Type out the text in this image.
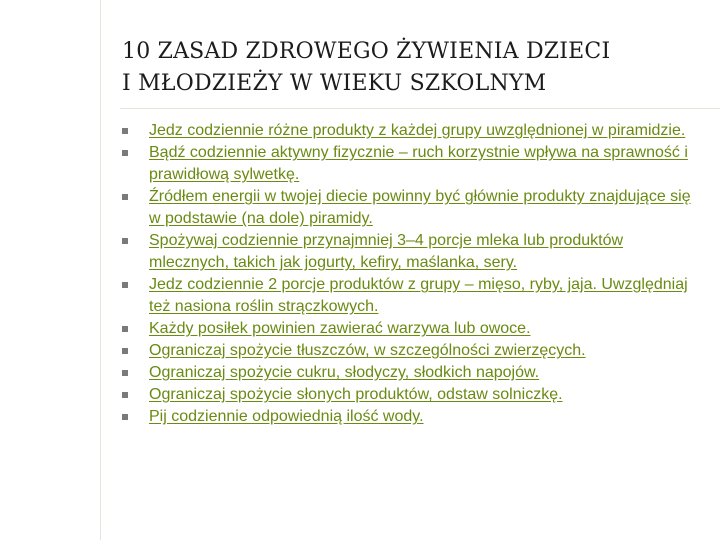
10 ZASAD ZDROWEGO ŻYWIENIA DZIECI
I MŁODZIEŻY W WIEKU SZKOLNYM
Jedz codziennie różne produkty z każdej grupy uwzględnionej w piramidzie.
Bądź codziennie aktywny fizycznie – ruch korzystnie wpływa na sprawność i prawidłową sylwetkę.
Źródłem energii w twojej diecie powinny być głównie produkty znajdujące się w podstawie (na dole) piramidy.
Spożywaj codziennie przynajmniej 3–4 porcje mleka lub produktów mlecznych, takich jak jogurty, kefiry, maślanka, sery.
Jedz codziennie 2 porcje produktów z grupy – mięso, ryby, jaja. Uwzględniaj też nasiona roślin strączkowych.
Każdy posiłek powinien zawierać warzywa lub owoce.
Ograniczaj spożycie tłuszczów, w szczególności zwierzęcych.
Ograniczaj spożycie cukru, słodyczy, słodkich napojów.
Ograniczaj spożycie słonych produktów, odstaw solniczkę.
Pij codziennie odpowiednią ilość wody.
